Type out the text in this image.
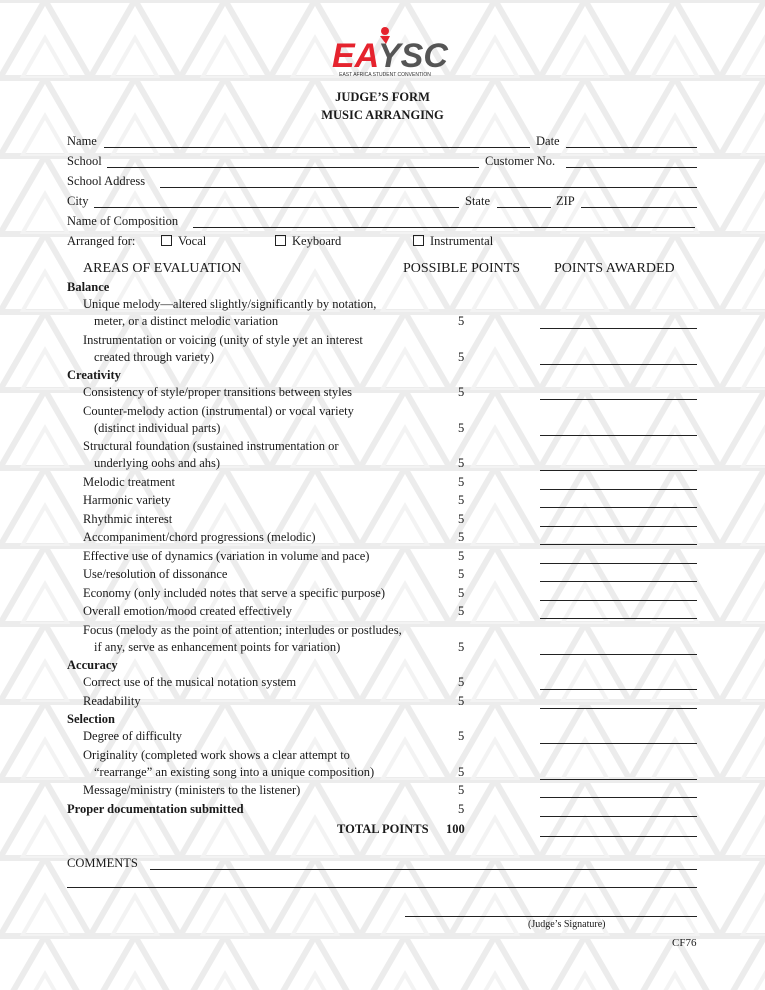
EA
YSC
EAST AFRICA STUDENT CONVENTION
JUDGE’S FORM
MUSIC ARRANGING
Name	Date
School	Customer No.
School Address
City	State	ZIP
Name of Composition
Arranged for:	Vocal	Keyboard	Instrumental
AREAS OF EVALUATION	POSSIBLE POINTS POINTS AWARDED
Balance
Unique melody—altered slightly/significantly by notation,
meter, or a distinct melodic variation	5
Instrumentation or voicing (unity of style yet an interest
created through variety)	5
Creativity
Consistency of style/proper transitions between styles	5
Counter-melody action (instrumental) or vocal variety
(distinct individual parts)	5
Structural foundation (sustained instrumentation or
underlying oohs and ahs)	5
Melodic treatment	5
Harmonic variety	5
Rhythmic interest	5
Accompaniment/chord progressions (melodic)	5
Effective use of dynamics (variation in volume and pace)	5
Use/resolution of dissonance	5
Economy (only included notes that serve a specific purpose)	5
Overall emotion/mood created effectively	5
Focus (melody as the point of attention; interludes or postludes,
if any, serve as enhancement points for variation)	5
Accuracy
Correct use of the musical notation system	5
Readability	5
Selection
Degree of difficulty	5
Originality (completed work shows a clear attempt to
“rearrange” an existing song into a unique composition)	5
Message/ministry (ministers to the listener)	5
Proper documentation submitted	5
TOTAL POINTS 100
COMMENTS
(Judge’s Signature)
CF76
